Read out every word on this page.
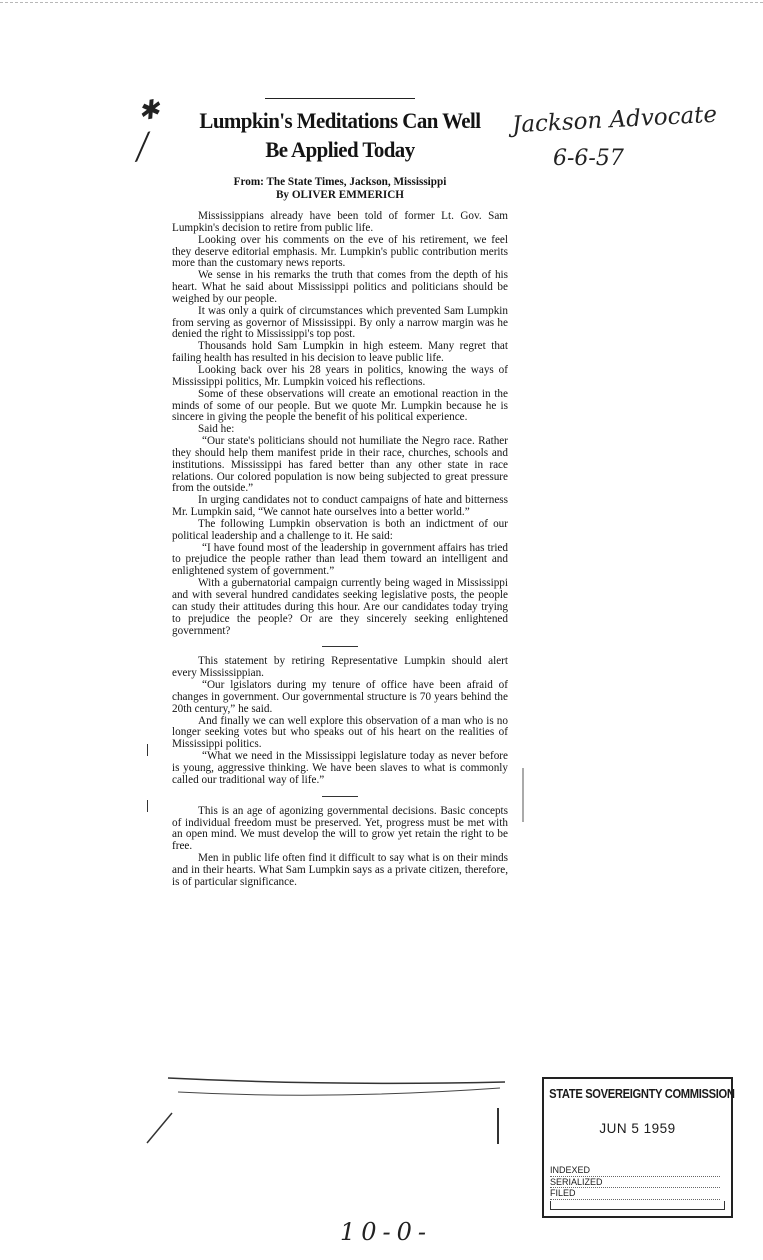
✱
⁄
Lumpkin's Meditations Can Well
Be Applied Today
From: The State Times, Jackson, Mississippi
By OLIVER EMMERICH

Mississippians already have been told of former Lt. Gov. Sam Lumpkin's decision to retire from public life.

Looking over his comments on the eve of his retirement, we feel they deserve editorial emphasis. Mr. Lumpkin's public contribution merits more than the customary news reports.

We sense in his remarks the truth that comes from the depth of his heart. What he said about Mississippi politics and politicians should be weighed by our people.

It was only a quirk of circumstances which prevented Sam Lumpkin from serving as governor of Mississippi. By only a narrow margin was he denied the right to Mississippi's top post.

Thousands hold Sam Lumpkin in high esteem. Many regret that failing health has resulted in his decision to leave public life.

Looking back over his 28 years in politics, knowing the ways of Mississippi politics, Mr. Lumpkin voiced his reflections.

Some of these observations will create an emotional reaction in the minds of some of our people. But we quote Mr. Lumpkin because he is sincere in giving the people the benefit of his political experience.

Said he:

“Our state's politicians should not humiliate the Negro race. Rather they should help them manifest pride in their race, churches, schools and institutions. Mississippi has fared better than any other state in race relations. Our colored population is now being subjected to great pressure from the outside.”

In urging candidates not to conduct campaigns of hate and bitterness Mr. Lumpkin said, “We cannot hate ourselves into a better world.”

The following Lumpkin observation is both an indictment of our political leadership and a challenge to it. He said:

“I have found most of the leadership in government affairs has tried to prejudice the people rather than lead them toward an intelligent and enlightened system of government.”

With a gubernatorial campaign currently being waged in Mississippi and with several hundred candidates seeking legislative posts, the people can study their attitudes during this hour. Are our candidates today trying to prejudice the people? Or are they sincerely seeking enlightened government?

This statement by retiring Representative Lumpkin should alert every Mississippian.

“Our lgislators during my tenure of office have been afraid of changes in government. Our governmental structure is 70 years behind the 20th century,” he said.

And finally we can well explore this observation of a man who is no longer seeking votes but who speaks out of his heart on the realities of Mississippi politics.

“What we need in the Mississippi legislature today as never before is young, aggressive thinking. We have been slaves to what is commonly called our traditional way of life.”

This is an age of agonizing governmental decisions. Basic concepts of individual freedom must be preserved. Yet, progress must be met with an open mind. We must develop the will to grow yet retain the right to be free.

Men in public life often find it difficult to say what is on their minds and in their hearts. What Sam Lumpkin says as a private citizen, therefore, is of particular significance.

Jackson Advocate
6-6-57
10-0-
STATE SOVEREIGNTY COMMISSION
JUN 5 1959
INDEXED
SERIALIZED
FILED
